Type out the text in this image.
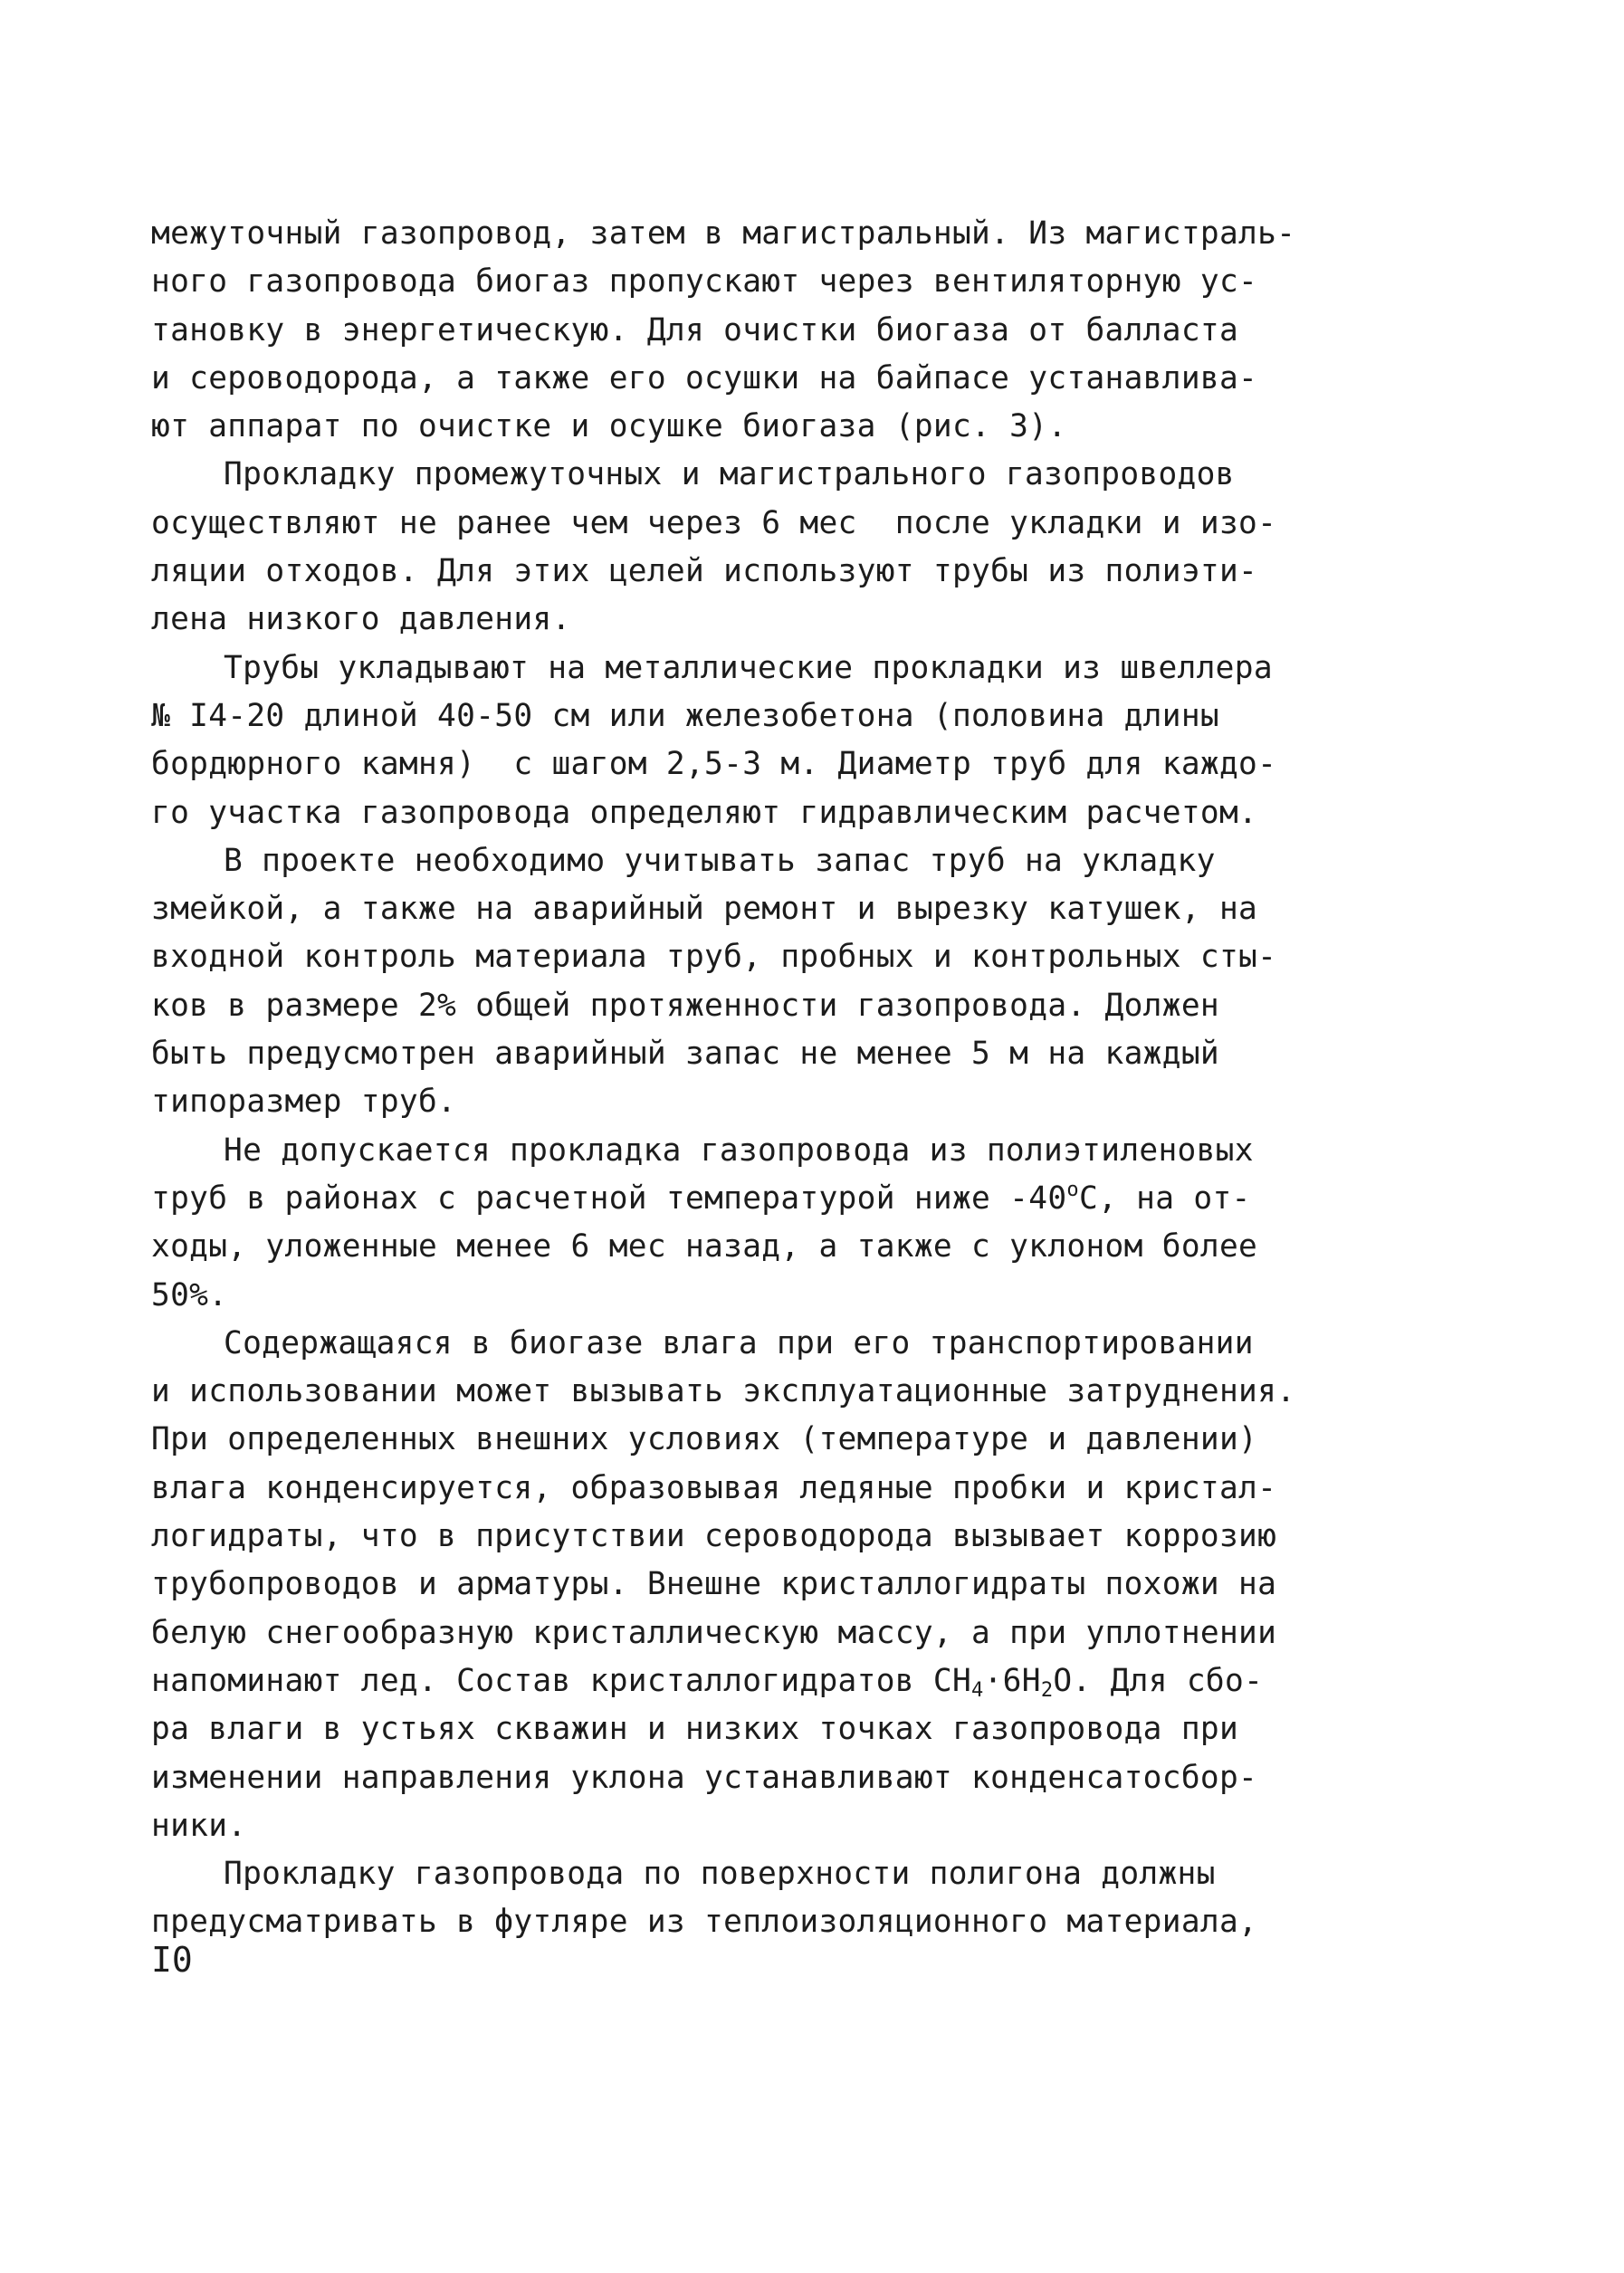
межуточный газопровод, затем в магистральный. Из магистраль-
ного газопровода биогаз пропускают через вентиляторную ус-
тановку в энергетическую. Для очистки биогаза от балласта
и сероводорода, а также его осушки на байпасе устанавлива-
ют аппарат по очистке и осушке биогаза (рис. 3).
Прокладку промежуточных и магистрального газопроводов
осуществляют не ранее чем через 6 мес  после укладки и изо-
ляции отходов. Для этих целей используют трубы из полиэти-
лена низкого давления.
Трубы укладывают на металлические прокладки из швеллера
№ I4-20 длиной 40-50 см или железобетона (половина длины
бордюрного камня)  с шагом 2,5-3 м. Диаметр труб для каждо-
го участка газопровода определяют гидравлическим расчетом.
В проекте необходимо учитывать запас труб на укладку
змейкой, а также на аварийный ремонт и вырезку катушек, на
входной контроль материала труб, пробных и контрольных сты-
ков в размере 2% общей протяженности газопровода. Должен
быть предусмотрен аварийный запас не менее 5 м на каждый
типоразмер труб.
Не допускается прокладка газопровода из полиэтиленовых
труб в районах с расчетной температурой ниже -40$^o$С, на от-
ходы, уложенные менее 6 мес назад, а также с уклоном более
50%.
Содержащаяся в биогазе влага при его транспортировании
и использовании может вызывать эксплуатационные затруднения.
При определенных внешних условиях (температуре и давлении)
влага конденсируется, образовывая ледяные пробки и кристал-
логидраты, что в присутствии сероводорода вызывает коррозию
трубопроводов и арматуры. Внешне кристаллогидраты похожи на
белую снегообразную кристаллическую массу, а при уплотнении
напоминают лед. Состав кристаллогидратов $CH_4\cdot 6H_2O$. Для сбо-
ра влаги в устьях скважин и низких точках газопровода при
изменении направления уклона устанавливают конденсатосбор-
ники.
Прокладку газопровода по поверхности полигона должны
предусматривать в футляре из теплоизоляционного материала,
I0
